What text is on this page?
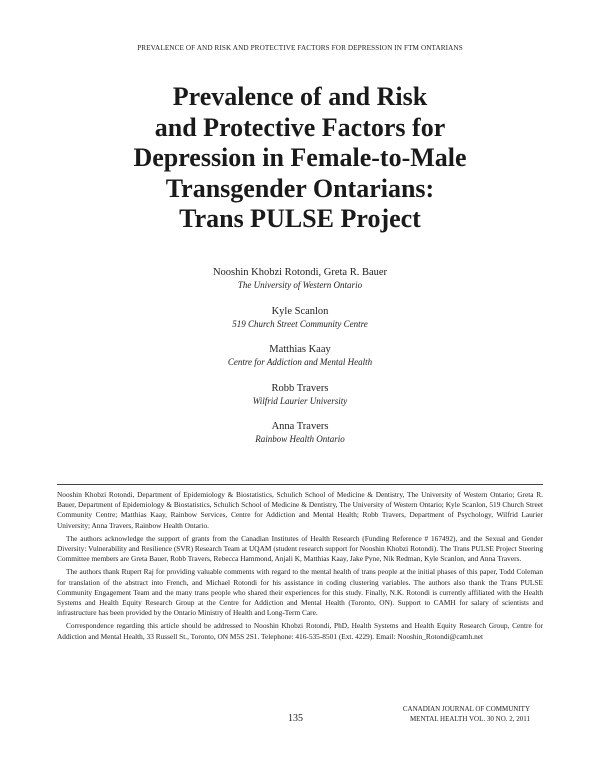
PREVALENCE OF AND RISK AND PROTECTIVE FACTORS FOR DEPRESSION IN FTM ONTARIANS
Prevalence of and Risk
and Protective Factors for
Depression in Female-to-Male
Transgender Ontarians:
Trans PULSE Project
Nooshin Khobzi Rotondi, Greta R. Bauer
The University of Western Ontario
Kyle Scanlon
519 Church Street Community Centre
Matthias Kaay
Centre for Addiction and Mental Health
Robb Travers
Wilfrid Laurier University
Anna Travers
Rainbow Health Ontario

Nooshin Khobzi Rotondi, Department of Epidemiology & Biostatistics, Schulich School of Medicine & Dentistry, The University of Western Ontario; Greta R. Bauer, Department of Epidemiology & Biostatistics, Schulich School of Medicine & Dentistry, The University of Western Ontario; Kyle Scanlon, 519 Church Street Community Centre; Matthias Kaay, Rainbow Services, Centre for Addiction and Mental Health; Robb Travers, Department of Psychology, Wilfrid Laurier University; Anna Travers, Rainbow Health Ontario.

The authors acknowledge the support of grants from the Canadian Institutes of Health Research (Funding Reference # 167492), and the Sexual and Gender Diversity: Vulnerability and Resilience (SVR) Research Team at UQAM (student research support for Nooshin Khobzi Rotondi). The Trans PULSE Project Steering Committee members are Greta Bauer, Robb Travers, Rebecca Hammond, Anjali K, Matthias Kaay, Jake Pyne, Nik Redman, Kyle Scanlon, and Anna Travers.

The authors thank Rupert Raj for providing valuable comments with regard to the mental health of trans people at the initial phases of this paper, Todd Coleman for translation of the abstract into French, and Michael Rotondi for his assistance in coding clustering variables. The authors also thank the Trans PULSE Community Engagement Team and the many trans people who shared their experiences for this study. Finally, N.K. Rotondi is currently affiliated with the Health Systems and Health Equity Research Group at the Centre for Addiction and Mental Health (Toronto, ON). Support to CAMH for salary of scientists and infrastructure has been provided by the Ontario Ministry of Health and Long-Term Care.

Correspondence regarding this article should be addressed to Nooshin Khobzi Rotondi, PhD, Health Systems and Health Equity Research Group, Centre for Addiction and Mental Health, 33 Russell St., Toronto, ON M5S 2S1. Telephone: 416-535-8501 (Ext. 4229). Email: Nooshin_Rotondi@camh.net

135
CANADIAN JOURNAL OF COMMUNITY
MENTAL HEALTH VOL. 30 NO. 2, 2011
